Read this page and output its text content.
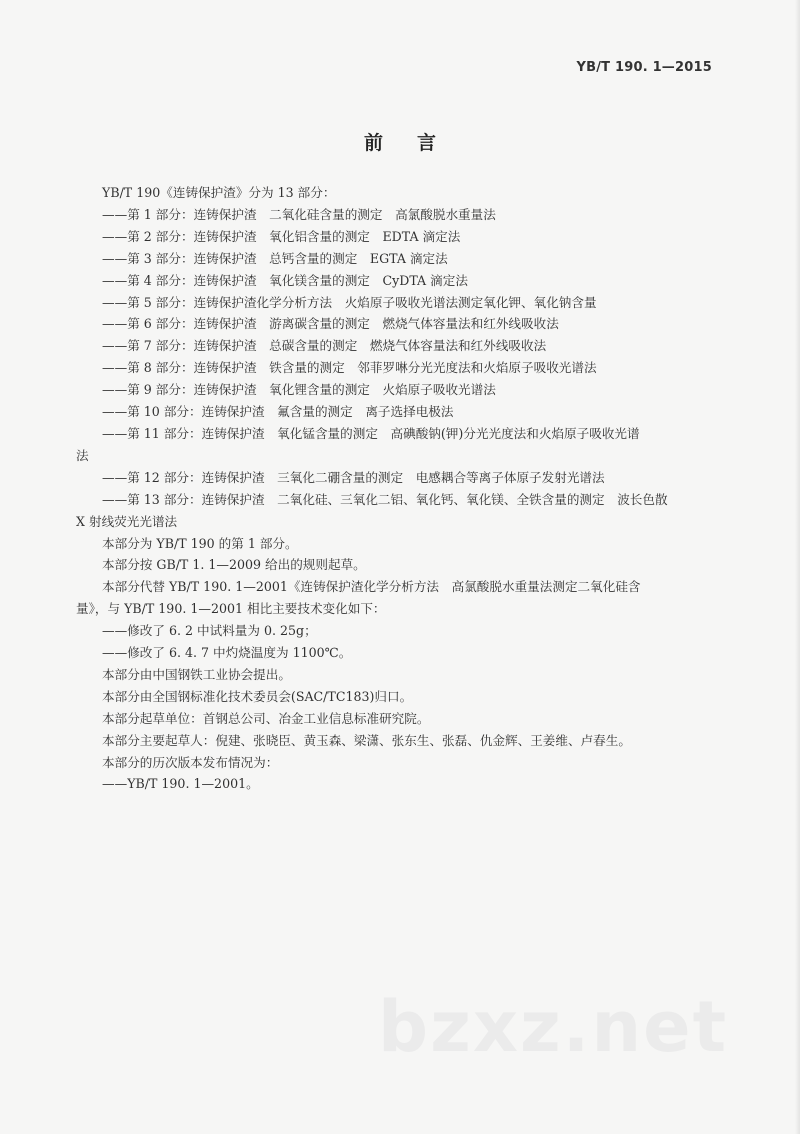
YB/T 190. 1—2015
前言
YB/T 190《连铸保护渣》分为 13 部分：
——第 1 部分：连铸保护渣　二氧化硅含量的测定　高氯酸脱水重量法
——第 2 部分：连铸保护渣　氧化铝含量的测定　EDTA 滴定法
——第 3 部分：连铸保护渣　总钙含量的测定　EGTA 滴定法
——第 4 部分：连铸保护渣　氧化镁含量的测定　CyDTA 滴定法
——第 5 部分：连铸保护渣化学分析方法　火焰原子吸收光谱法测定氧化钾、氧化钠含量
——第 6 部分：连铸保护渣　游离碳含量的测定　燃烧气体容量法和红外线吸收法
——第 7 部分：连铸保护渣　总碳含量的测定　燃烧气体容量法和红外线吸收法
——第 8 部分：连铸保护渣　铁含量的测定　邻菲罗啉分光光度法和火焰原子吸收光谱法
——第 9 部分：连铸保护渣　氧化锂含量的测定　火焰原子吸收光谱法
——第 10 部分：连铸保护渣　氟含量的测定　离子选择电极法
——第 11 部分：连铸保护渣　氧化锰含量的测定　高碘酸钠(钾)分光光度法和火焰原子吸收光谱
法
——第 12 部分：连铸保护渣　三氧化二硼含量的测定　电感耦合等离子体原子发射光谱法
——第 13 部分：连铸保护渣　二氧化硅、三氧化二铝、氧化钙、氧化镁、全铁含量的测定　波长色散
X 射线荧光光谱法
本部分为 YB/T 190 的第 1 部分。
本部分按 GB/T 1. 1—2009 给出的规则起草。
本部分代替 YB/T 190. 1—2001《连铸保护渣化学分析方法　高氯酸脱水重量法测定二氧化硅含
量》，与 YB/T 190. 1—2001 相比主要技术变化如下：
——修改了 6. 2 中试料量为 0. 25g；
——修改了 6. 4. 7 中灼烧温度为 1100℃。
本部分由中国钢铁工业协会提出。
本部分由全国钢标准化技术委员会(SAC/TC183)归口。
本部分起草单位：首钢总公司、冶金工业信息标准研究院。
本部分主要起草人：倪建、张晓臣、黄玉森、梁潇、张东生、张磊、仇金辉、王姜维、卢春生。
本部分的历次版本发布情况为：
——YB/T 190. 1—2001。
bzxz.net
